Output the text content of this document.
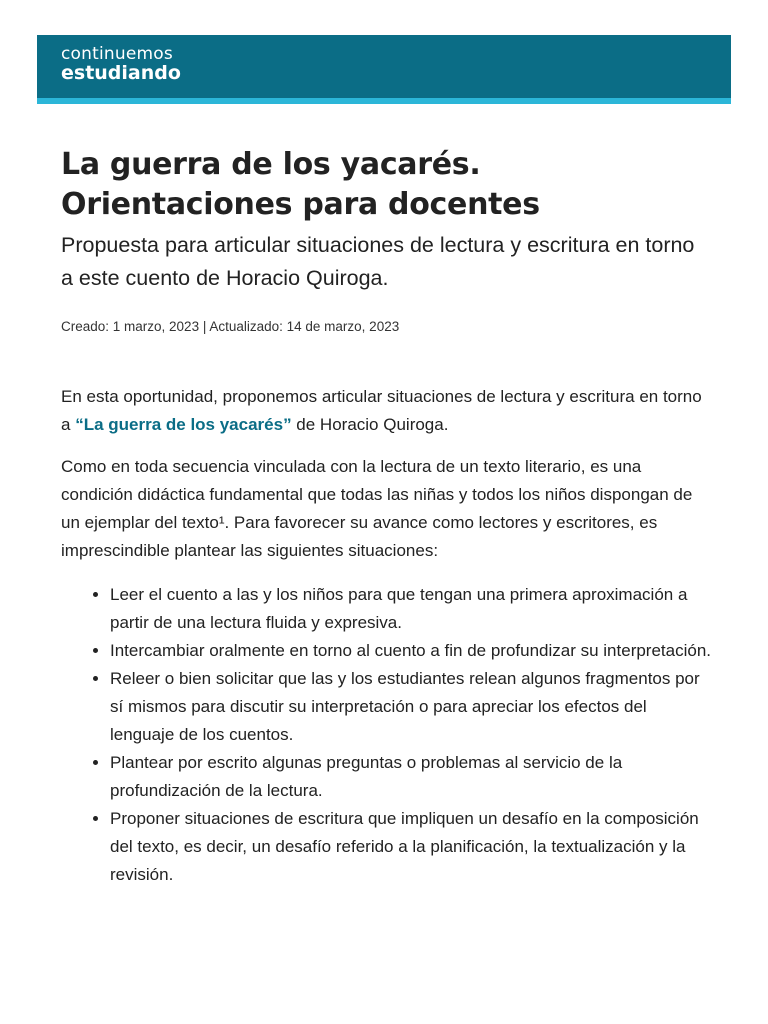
continuemos
estudiando
La guerra de los yacarés. Orientaciones para docentes

Propuesta para articular situaciones de lectura y escritura en torno a este cuento de Horacio Quiroga.

Creado: 1 marzo, 2023 | Actualizado: 14 de marzo, 2023

En esta oportunidad, proponemos articular situaciones de lectura y escritura en torno a “La guerra de los yacarés” de Horacio Quiroga.

Como en toda secuencia vinculada con la lectura de un texto literario, es una condición didáctica fundamental que todas las niñas y todos los niños dispongan de un ejemplar del texto¹. Para favorecer su avance como lectores y escritores, es imprescindible plantear las siguientes situaciones:

• Leer el cuento a las y los niños para que tengan una primera aproximación a partir de una lectura fluida y expresiva.
• Intercambiar oralmente en torno al cuento a fin de profundizar su interpretación.
• Releer o bien solicitar que las y los estudiantes relean algunos fragmentos por sí mismos para discutir su interpretación o para apreciar los efectos del lenguaje de los cuentos.
• Plantear por escrito algunas preguntas o problemas al servicio de la profundización de la lectura.
• Proponer situaciones de escritura que impliquen un desafío en la composición del texto, es decir, un desafío referido a la planificación, la textualización y la revisión.
